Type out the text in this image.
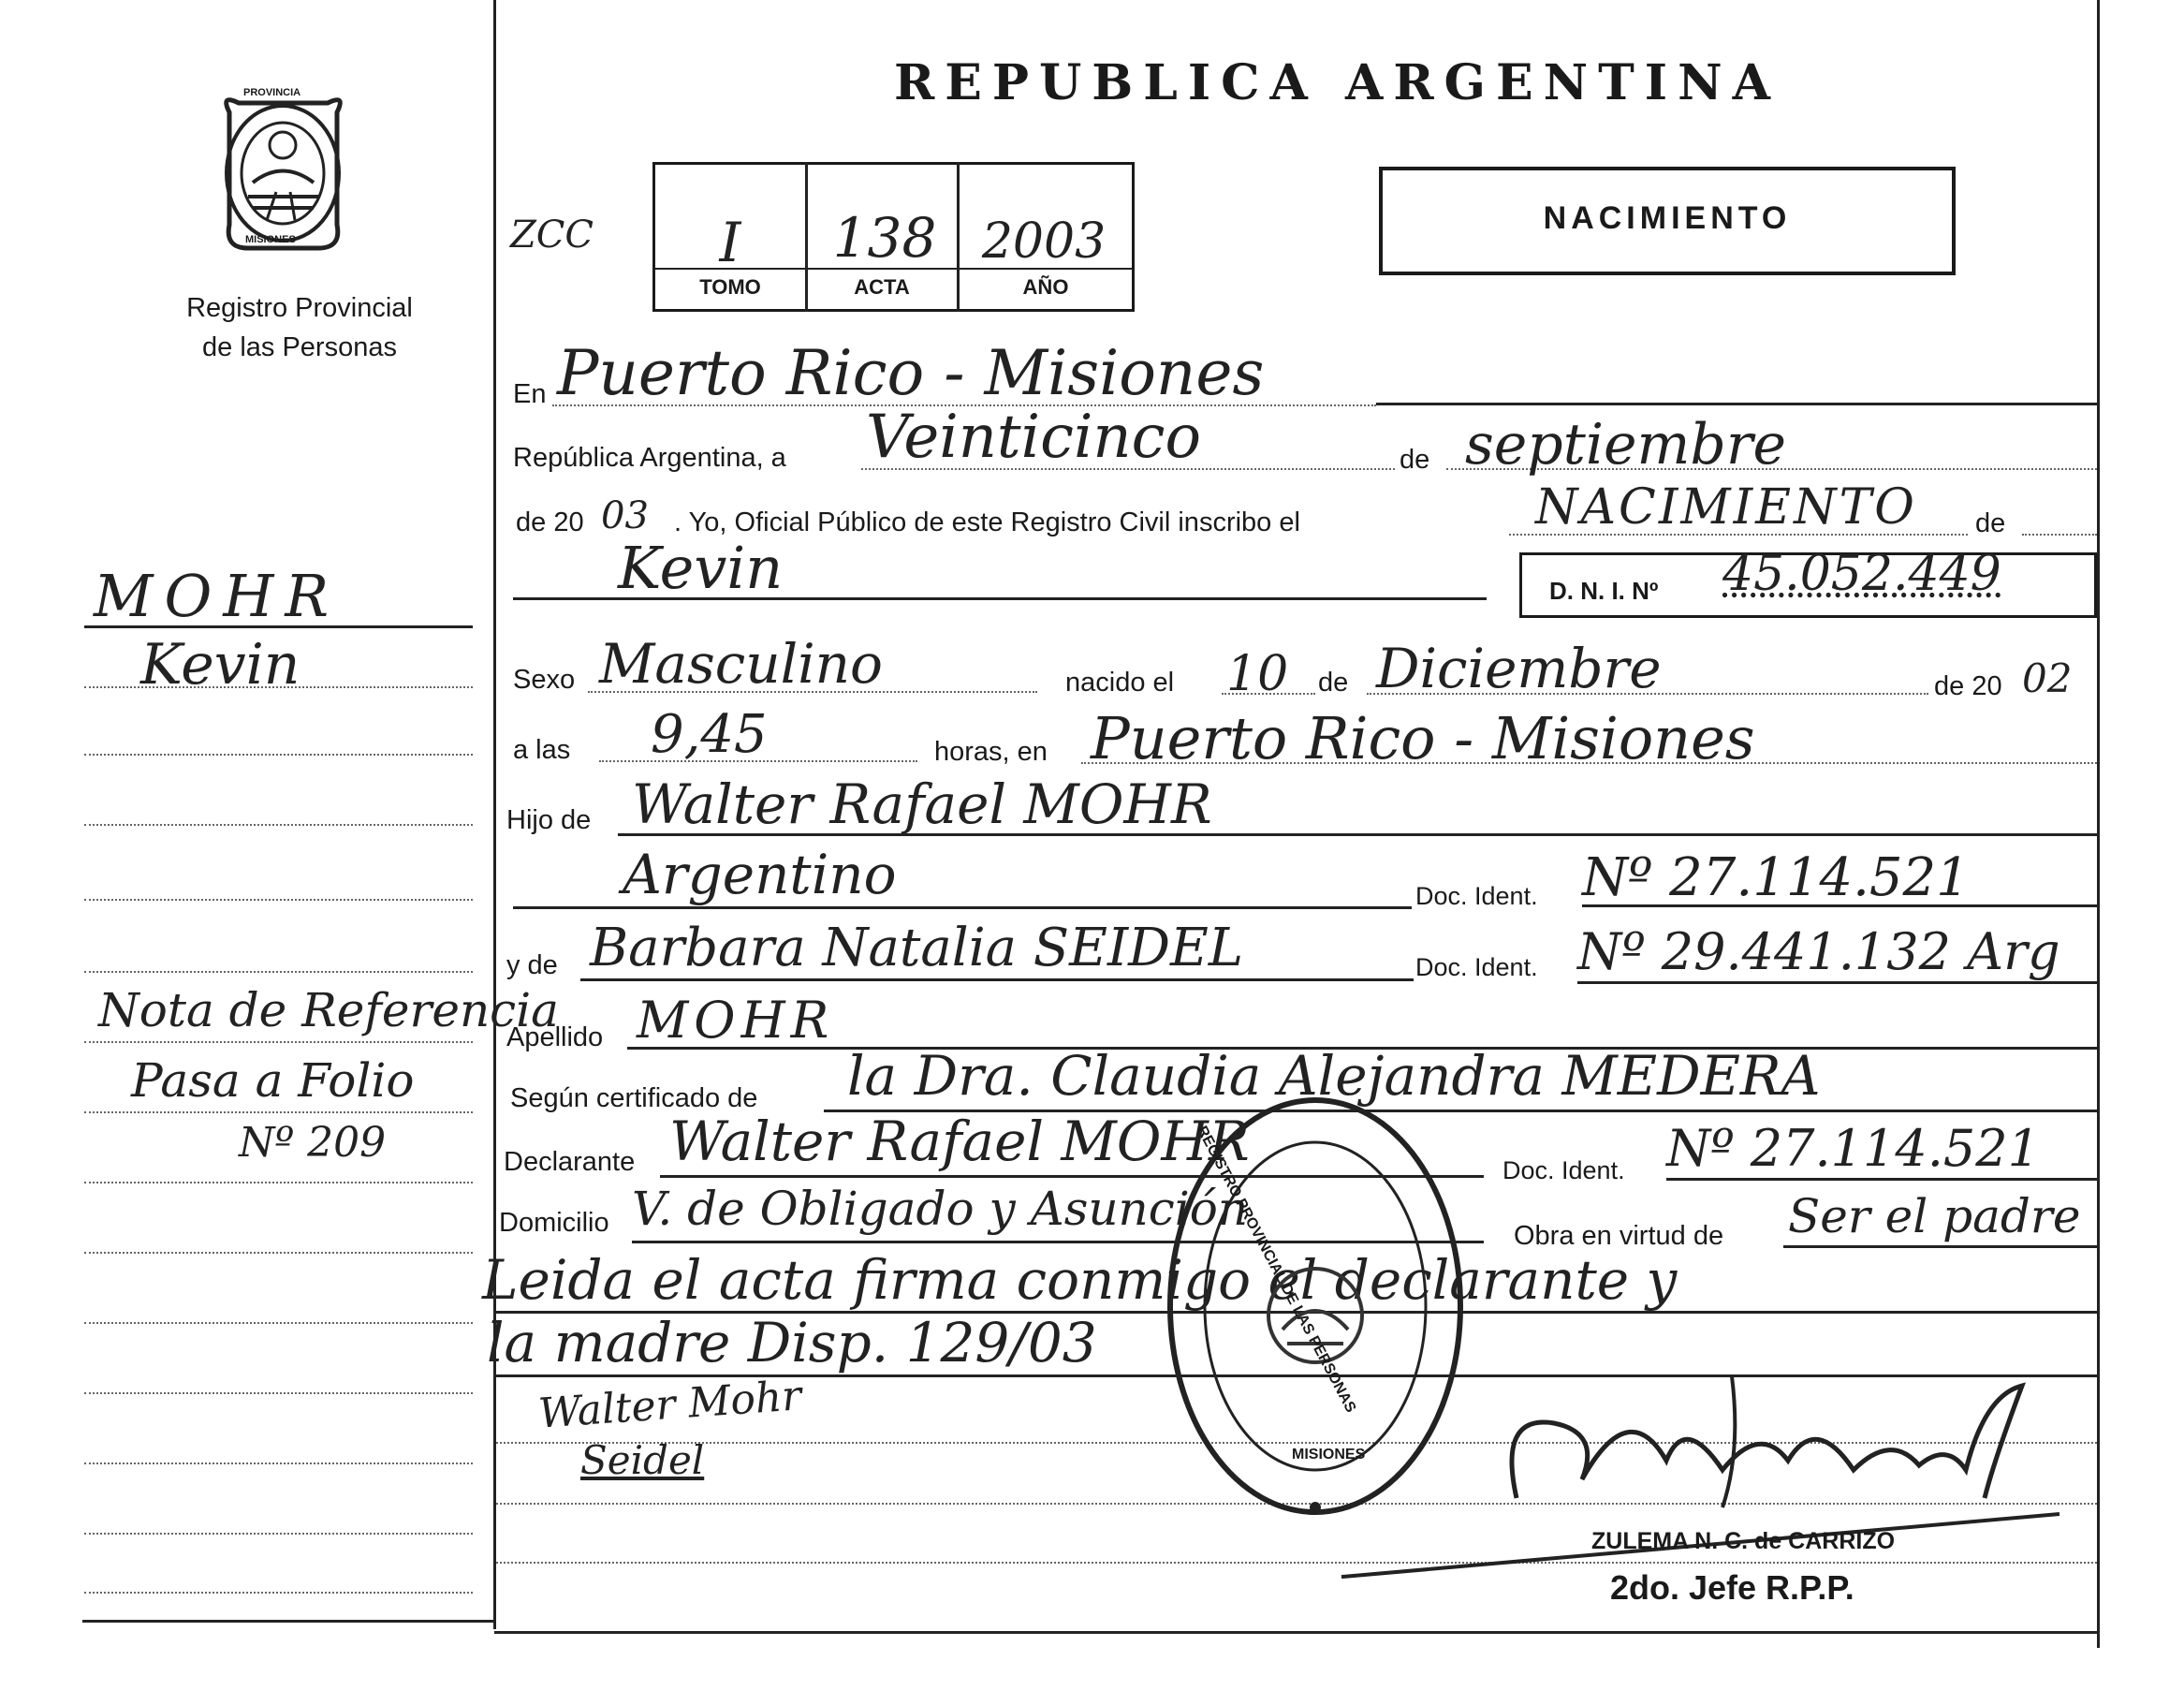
PROVINCIA
MISIONES
Registro Provincial
de las Personas
MOHR
Kevin
Nota de Referencia
Pasa a Folio
Nº 209
REPUBLICA ARGENTINA
ZCC	I	138 2003
TOMO	ACTA	AÑO
NACIMIENTO
En Puerto Rico - Misiones
República Argentina, a Veinticinco	de septiembre
de 20 03 . Yo, Oficial Público de este Registro Civil inscribo el	NACIMIENTO de
Kevin	D. N. I. Nº 45.052.449
Sexo Masculino	nacido el 10 de Diciembre	de 20 02
a las 9,45	horas, en Puerto Rico - Misiones
Hijo de Walter Rafael MOHR
Argentino	Doc. Ident. Nº 27.114.521
y de Barbara Natalia SEIDEL	Doc. Ident. Nº 29.441.132 Arg
Apellido MOHR
Según certificado de la Dra. Claudia Alejandra MEDERA
Declarante Walter Rafael MOHR	Doc. Ident. Nº 27.114.521
Domicilio V. de Obligado y Asunción	Obra en virtud de Ser el padre
Leida el acta firma conmigo el declarante y
la madre Disp. 129/03
Walter Mohr
Seidel
REGISTRO PROVINCIAL DE LAS PERSONAS
MISIONES
ZULEMA N. C. de CARRIZO
2do. Jefe R.P.P.
